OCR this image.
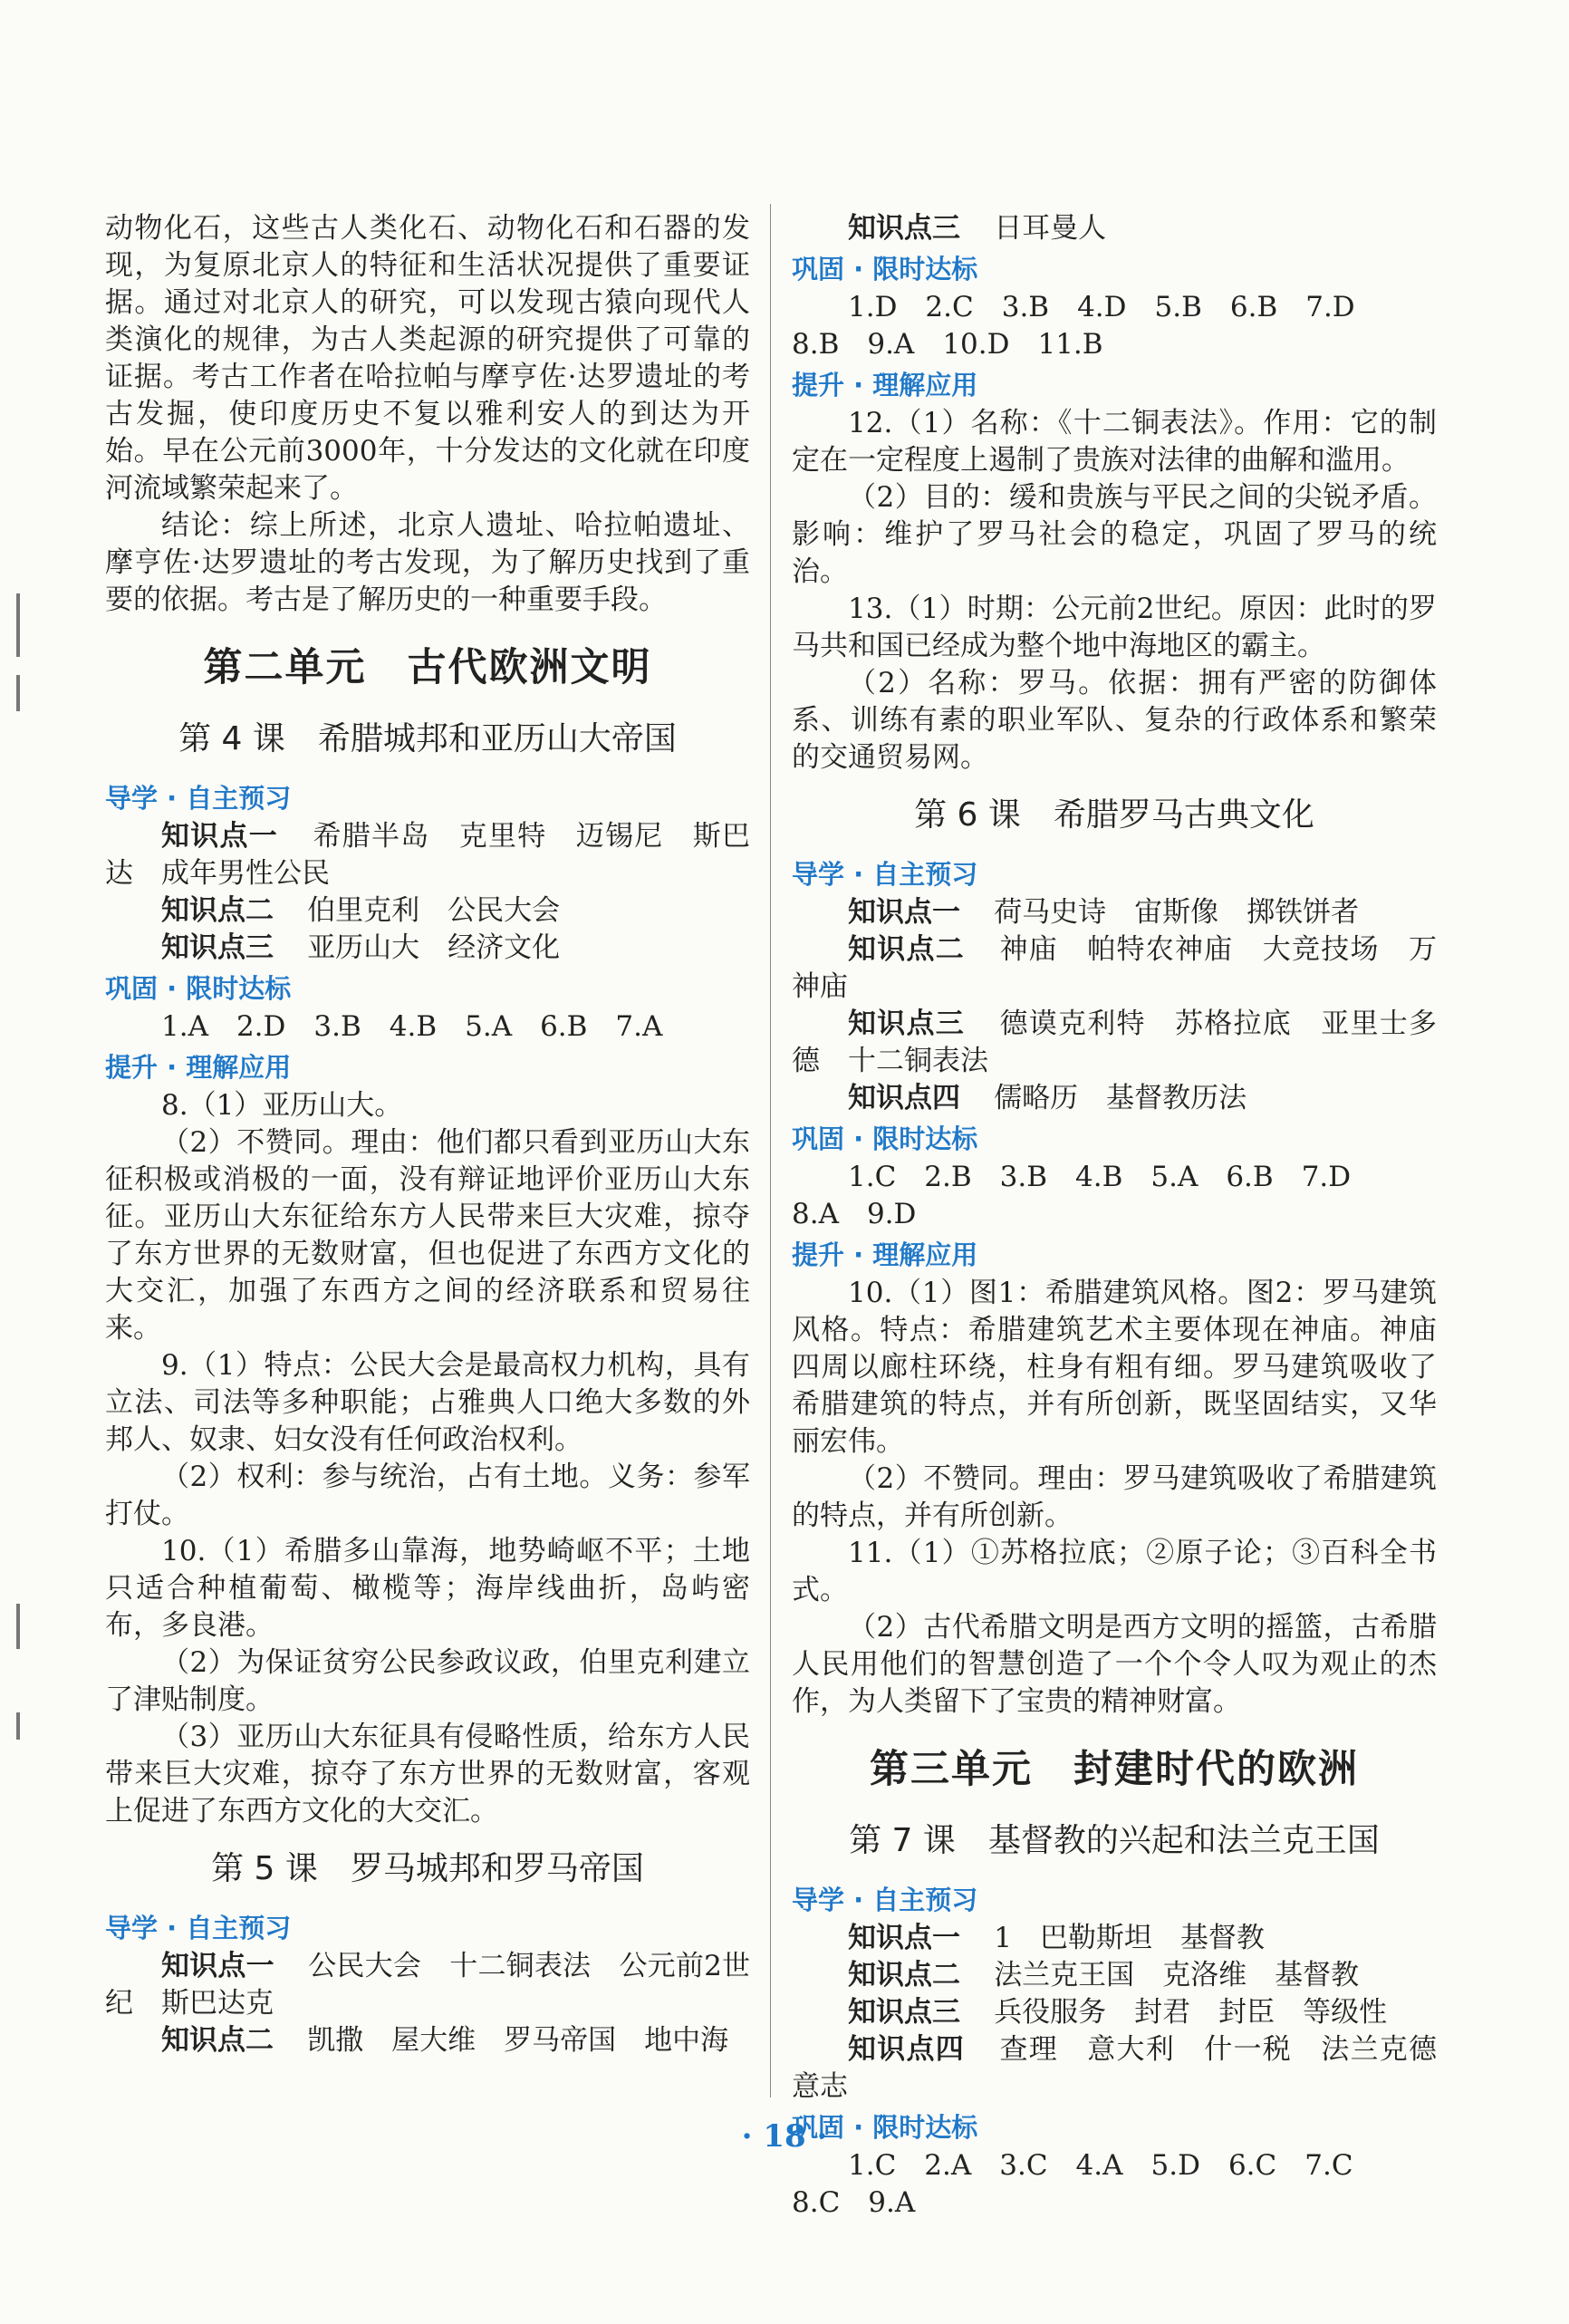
动物化石，这些古人类化石、动物化石和石器的发现，为复原北京人的特征和生活状况提供了重要证据。通过对北京人的研究，可以发现古猿向现代人类演化的规律，为古人类起源的研究提供了可靠的证据。考古工作者在哈拉帕与摩亨佐·达罗遗址的考古发掘，使印度历史不复以雅利安人的到达为开始。早在公元前3000年，十分发达的文化就在印度河流域繁荣起来了。

结论：综上所述，北京人遗址、哈拉帕遗址、摩亨佐·达罗遗址的考古发现，为了解历史找到了重要的依据。考古是了解历史的一种重要手段。

第二单元　古代欧洲文明
第 4 课　希腊城邦和亚历山大帝国
导学 · 自主预习

知识点一 希腊半岛　克里特　迈锡尼　斯巴达　成年男性公民

知识点二 伯里克利　公民大会

知识点三 亚历山大　经济文化

巩固 · 限时达标

1.A　2.D　3.B　4.B　5.A　6.B　7.A

提升 · 理解应用

8.（1）亚历山大。

（2）不赞同。理由：他们都只看到亚历山大东征积极或消极的一面，没有辩证地评价亚历山大东征。亚历山大东征给东方人民带来巨大灾难，掠夺了东方世界的无数财富，但也促进了东西方文化的大交汇，加强了东西方之间的经济联系和贸易往来。

9.（1）特点：公民大会是最高权力机构，具有立法、司法等多种职能；占雅典人口绝大多数的外邦人、奴隶、妇女没有任何政治权利。

（2）权利：参与统治，占有土地。义务：参军打仗。

10.（1）希腊多山靠海，地势崎岖不平；土地只适合种植葡萄、橄榄等；海岸线曲折，岛屿密布，多良港。

（2）为保证贫穷公民参政议政，伯里克利建立了津贴制度。

（3）亚历山大东征具有侵略性质，给东方人民带来巨大灾难，掠夺了东方世界的无数财富，客观上促进了东西方文化的大交汇。

第 5 课　罗马城邦和罗马帝国
导学 · 自主预习

知识点一 公民大会　十二铜表法　公元前2世纪　斯巴达克

知识点二 凯撒　屋大维　罗马帝国　地中海

知识点三 日耳曼人

巩固 · 限时达标

1.D　2.C　3.B　4.D　5.B　6.B　7.D

8.B　9.A　10.D　11.B

提升 · 理解应用

12.（1）名称：《十二铜表法》。作用：它的制定在一定程度上遏制了贵族对法律的曲解和滥用。

（2）目的：缓和贵族与平民之间的尖锐矛盾。影响：维护了罗马社会的稳定，巩固了罗马的统治。

13.（1）时期：公元前2世纪。原因：此时的罗马共和国已经成为整个地中海地区的霸主。

（2）名称：罗马。依据：拥有严密的防御体系、训练有素的职业军队、复杂的行政体系和繁荣的交通贸易网。

第 6 课　希腊罗马古典文化
导学 · 自主预习

知识点一 荷马史诗　宙斯像　掷铁饼者

知识点二 神庙　帕特农神庙　大竞技场　万神庙

知识点三 德谟克利特　苏格拉底　亚里士多德　十二铜表法

知识点四 儒略历　基督教历法

巩固 · 限时达标

1.C　2.B　3.B　4.B　5.A　6.B　7.D

8.A　9.D

提升 · 理解应用

10.（1）图1：希腊建筑风格。图2：罗马建筑风格。特点：希腊建筑艺术主要体现在神庙。神庙四周以廊柱环绕，柱身有粗有细。罗马建筑吸收了希腊建筑的特点，并有所创新，既坚固结实，又华丽宏伟。

（2）不赞同。理由：罗马建筑吸收了希腊建筑的特点，并有所创新。

11.（1）①苏格拉底；②原子论；③百科全书式。

（2）古代希腊文明是西方文明的摇篮，古希腊人民用他们的智慧创造了一个个令人叹为观止的杰作，为人类留下了宝贵的精神财富。

第三单元　封建时代的欧洲
第 7 课　基督教的兴起和法兰克王国
导学 · 自主预习

知识点一 1　巴勒斯坦　基督教

知识点二 法兰克王国　克洛维　基督教

知识点三 兵役服务　封君　封臣　等级性

知识点四 查理　意大利　什一税　法兰克德意志

巩固 · 限时达标

1.C　2.A　3.C　4.A　5.D　6.C　7.C

8.C　9.A

· 18 ·
